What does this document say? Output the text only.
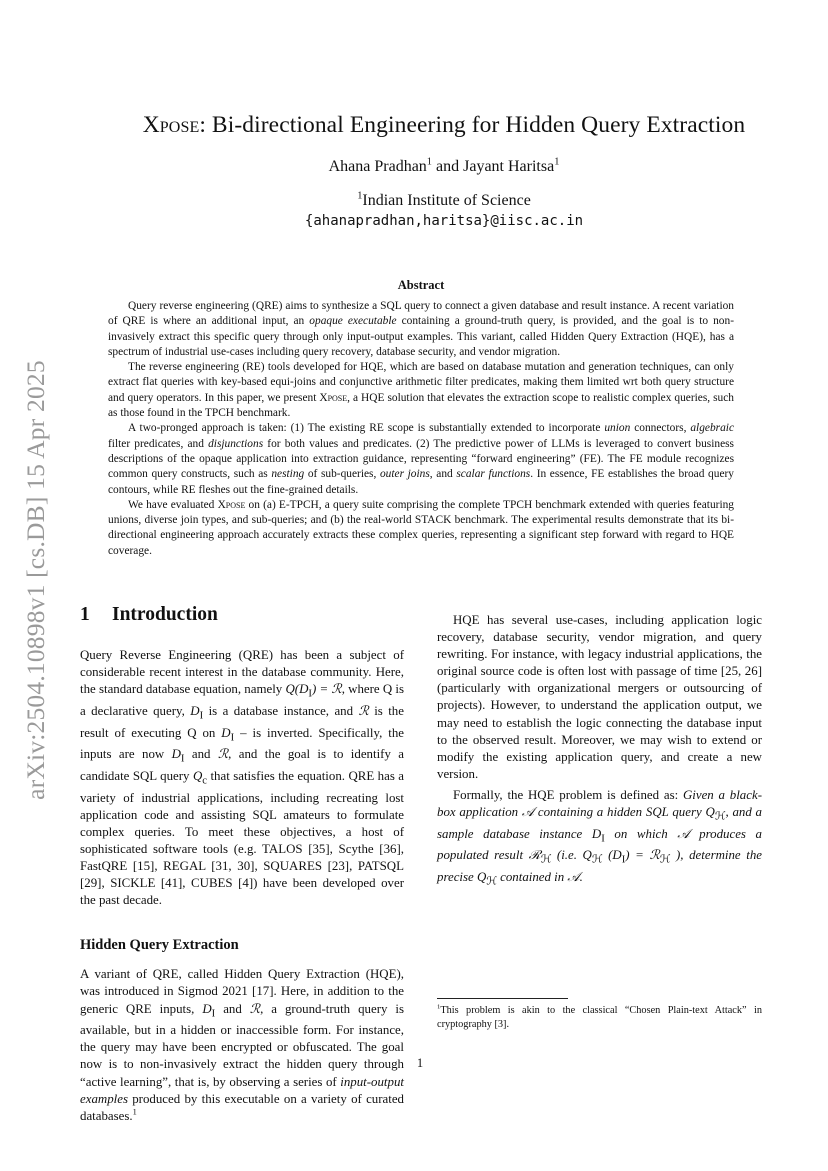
arXiv:2504.10898v1 [cs.DB] 15 Apr 2025
Xpose: Bi-directional Engineering for Hidden Query Extraction
Ahana Pradhan$^1$ and Jayant Haritsa$^1$
$^1$Indian Institute of Science
{ahanapradhan,haritsa}@iisc.ac.in
Abstract

Query reverse engineering (QRE) aims to synthesize a SQL query to connect a given database and result instance. A recent variation of QRE is where an additional input, an opaque executable containing a ground-truth query, is provided, and the goal is to non-invasively extract this specific query through only input-output examples. This variant, called Hidden Query Extraction (HQE), has a spectrum of industrial use-cases including query recovery, database security, and vendor migration.

The reverse engineering (RE) tools developed for HQE, which are based on database mutation and generation techniques, can only extract flat queries with key-based equi-joins and conjunctive arithmetic filter predicates, making them limited wrt both query structure and query operators. In this paper, we present Xpose, a HQE solution that elevates the extraction scope to realistic complex queries, such as those found in the TPCH benchmark.

A two-pronged approach is taken: (1) The existing RE scope is substantially extended to incorporate union connectors, algebraic filter predicates, and disjunctions for both values and predicates. (2) The predictive power of LLMs is leveraged to convert business descriptions of the opaque application into extraction guidance, representing “forward engineering” (FE). The FE module recognizes common query constructs, such as nesting of sub-queries, outer joins, and scalar functions. In essence, FE establishes the broad query contours, while RE fleshes out the fine-grained details.

We have evaluated Xpose on (a) E-TPCH, a query suite comprising the complete TPCH benchmark extended with queries featuring unions, diverse join types, and sub-queries; and (b) the real-world STACK benchmark. The experimental results demonstrate that its bi-directional engineering approach accurately extracts these complex queries, representing a significant step forward with regard to HQE coverage.

1 Introduction

Query Reverse Engineering (QRE) has been a subject of considerable recent interest in the database community. Here, the standard database equation, namely $Q(D_I)$ = ℛ, where Q is a declarative query, $D_I$ is a database instance, and ℛ is the result of executing Q on $D_I$ – is inverted. Specifically, the inputs are now $D_I$ and ℛ, and the goal is to identify a candidate SQL query $Q_c$ that satisfies the equation. QRE has a variety of industrial applications, including recreating lost application code and assisting SQL amateurs to formulate complex queries. To meet these objectives, a host of sophisticated software tools (e.g. TALOS [35], Scythe [36], FastQRE [15], REGAL [31, 30], SQUARES [23], PATSQL [29], SICKLE [41], CUBES [4]) have been developed over the past decade.

Hidden Query Extraction

A variant of QRE, called Hidden Query Extraction (HQE), was introduced in Sigmod 2021 [17]. Here, in addition to the generic QRE inputs, $D_I$ and ℛ, a ground-truth query is available, but in a hidden or inaccessible form. For instance, the query may have been encrypted or obfuscated. The goal now is to non-invasively extract the hidden query through “active learning”, that is, by observing a series of input-output examples produced by this executable on a variety of curated databases.$^1$

HQE has several use-cases, including application logic recovery, database security, vendor migration, and query rewriting. For instance, with legacy industrial applications, the original source code is often lost with passage of time [25, 26] (particularly with organizational mergers or outsourcing of projects). However, to understand the application output, we may need to establish the logic connecting the database input to the observed result. Moreover, we may wish to extend or modify the existing application query, and create a new version.

Formally, the HQE problem is defined as: Given a black-box application 𝒜 containing a hidden SQL query $Q_ℋ$, and a sample database instance $D_I$ on which 𝒜 produces a populated result ℛ$_ℋ$ (i.e. $Q_ℋ$ $(D_I)$ = ℛ$_ℋ$ ), determine the precise $Q_ℋ$ contained in 𝒜.

$^1$This problem is akin to the classical “Chosen Plain-text Attack” in cryptography [3].
1
